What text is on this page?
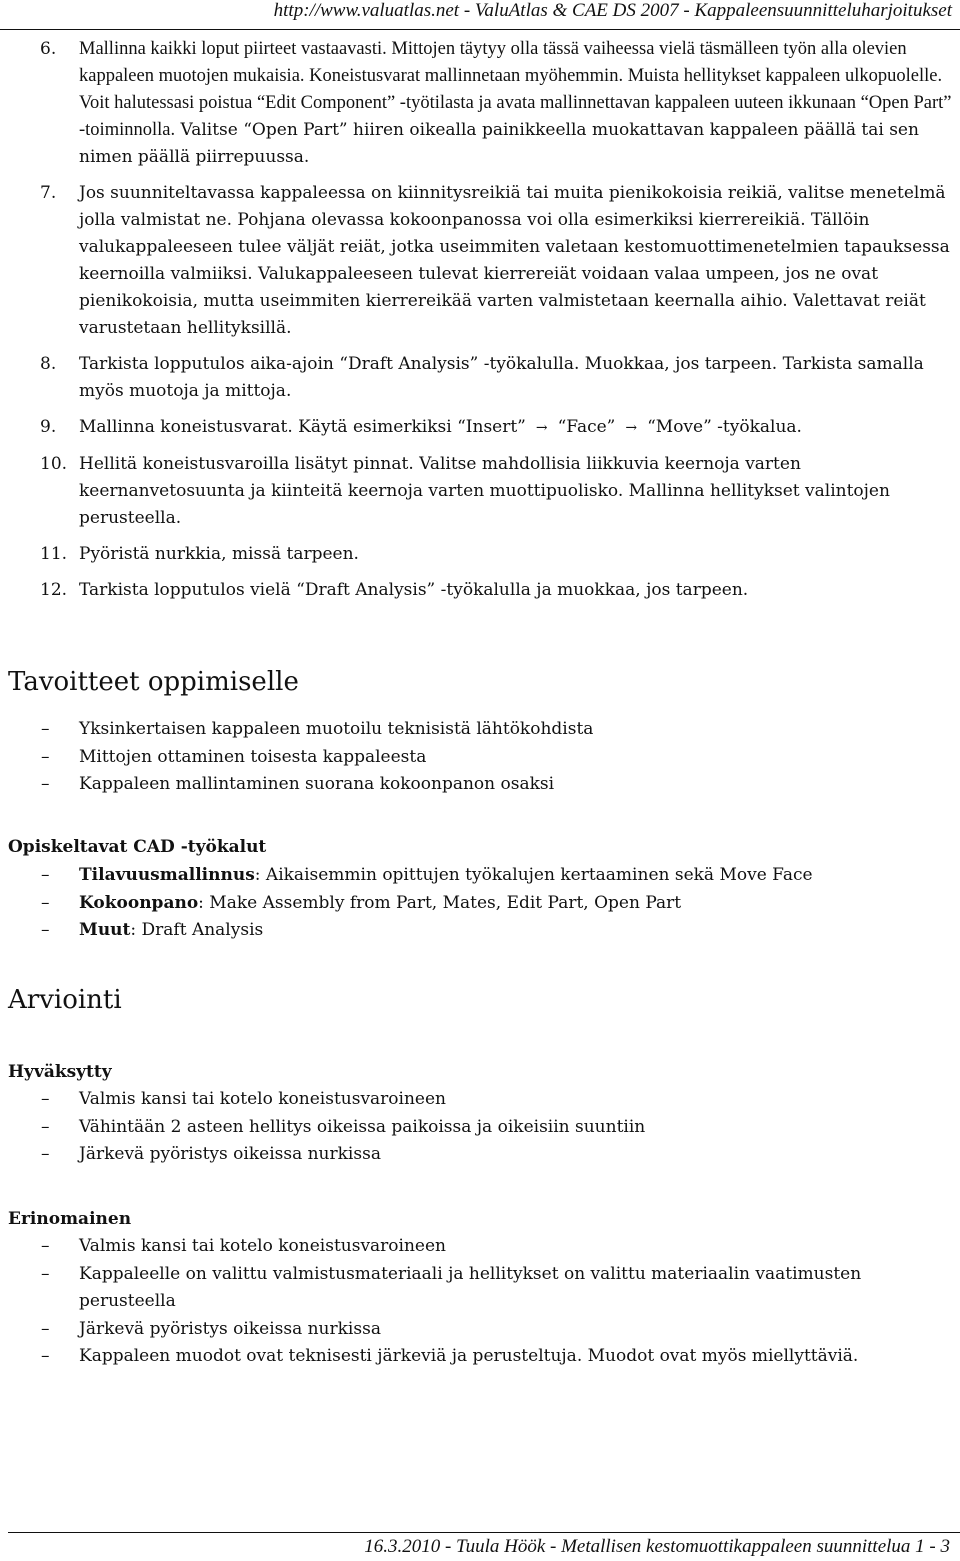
http://www.valuatlas.net - ValuAtlas & CAE DS 2007 - Kappaleensuunnitteluharjoitukset
6. Mallinna kaikki loput piirteet vastaavasti. Mittojen täytyy olla tässä vaiheessa vielä täsmälleen työn alla olevien kappaleen muotojen mukaisia. Koneistusvarat mallinnetaan myöhemmin. Muista hellitykset kappaleen ulkopuolelle. Voit halutessasi poistua “Edit Component” -työtilasta ja avata mallinnettavan kappaleen uuteen ikkunaan “Open Part” -toiminnolla. Valitse “Open Part” hiiren oikealla painikkeella muokattavan kappaleen päällä tai sen nimen päällä piirrepuussa.
7. Jos suunniteltavassa kappaleessa on kiinnitysreikiä tai muita pienikokoisia reikiä, valitse menetelmä jolla valmistat ne. Pohjana olevassa kokoonpanossa voi olla esimerkiksi kierrereikiä. Tällöin valukappaleeseen tulee väljät reiät, jotka useimmiten valetaan kestomuottimenetelmien tapauksessa keernoilla valmiiksi. Valukappaleeseen tulevat kierrereiät voidaan valaa umpeen, jos ne ovat pienikokoisia, mutta useimmiten kierrereikää varten valmistetaan keernalla aihio. Valettavat reiät varustetaan hellityksillä.
8. Tarkista lopputulos aika-ajoin “Draft Analysis” -työkalulla. Muokkaa, jos tarpeen. Tarkista samalla myös muotoja ja mittoja.
9. Mallinna koneistusvarat. Käytä esimerkiksi “Insert” → “Face” → “Move” -työkalua.
10. Hellitä koneistusvaroilla lisätyt pinnat. Valitse mahdollisia liikkuvia keernoja varten keernanvetosuunta ja kiinteitä keernoja varten muottipuolisko. Mallinna hellitykset valintojen perusteella.
11. Pyöristä nurkkia, missä tarpeen.
12. Tarkista lopputulos vielä “Draft Analysis” -työkalulla ja muokkaa, jos tarpeen.
Tavoitteet oppimiselle
– Yksinkertaisen kappaleen muotoilu teknisistä lähtökohdista
– Mittojen ottaminen toisesta kappaleesta
– Kappaleen mallintaminen suorana kokoonpanon osaksi
Opiskeltavat CAD -työkalut
– Tilavuusmallinnus: Aikaisemmin opittujen työkalujen kertaaminen sekä Move Face
– Kokoonpano: Make Assembly from Part, Mates, Edit Part, Open Part
– Muut: Draft Analysis
Arviointi
Hyväksytty
– Valmis kansi tai kotelo koneistusvaroineen
– Vähintään 2 asteen hellitys oikeissa paikoissa ja oikeisiin suuntiin
– Järkevä pyöristys oikeissa nurkissa
Erinomainen
– Valmis kansi tai kotelo koneistusvaroineen
– Kappaleelle on valittu valmistusmateriaali ja hellitykset on valittu materiaalin vaatimusten perusteella
– Järkevä pyöristys oikeissa nurkissa
– Kappaleen muodot ovat teknisesti järkeviä ja perusteltuja. Muodot ovat myös miellyttäviä.
16.3.2010 - Tuula Höök - Metallisen kestomuottikappaleen suunnittelua 1 - 3
